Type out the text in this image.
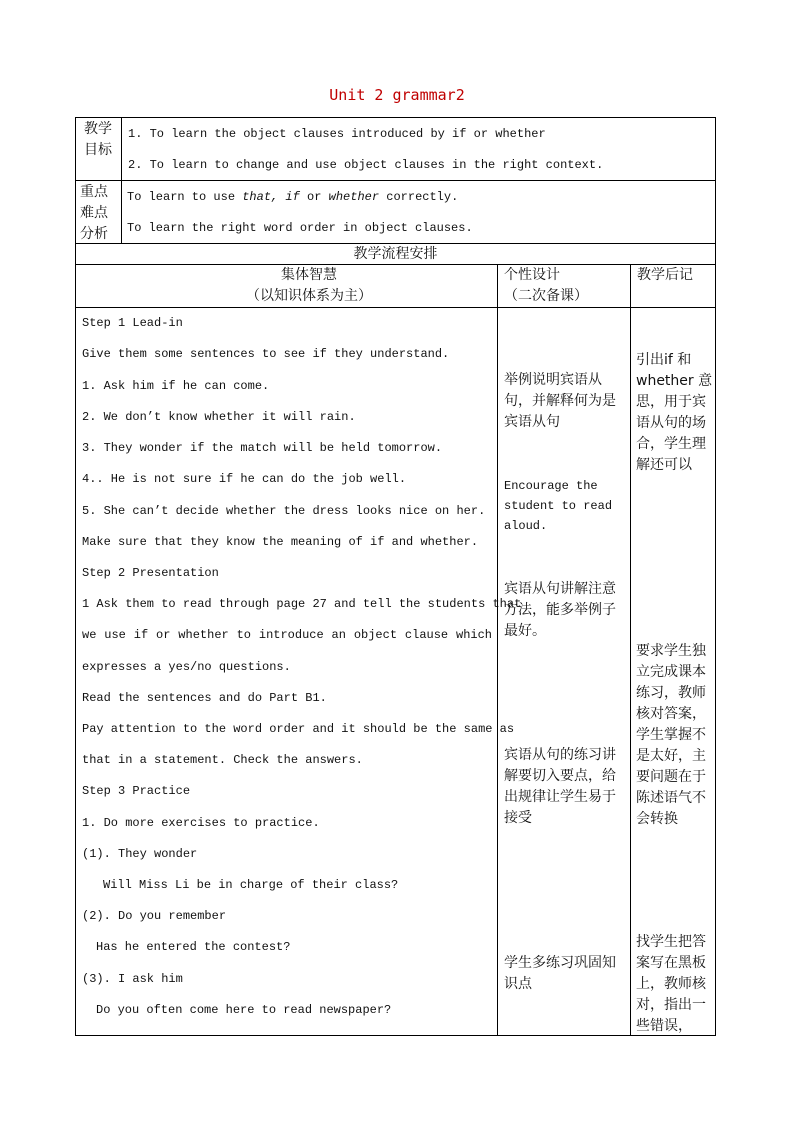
Unit 2 grammar2
教学目标
1. To learn the object clauses introduced by if or whether
2. To learn to change and use object clauses in the right context.
重点难点分析
To learn to use that, if or whether correctly.
To learn the right word order in object clauses.
教学流程安排
集体智慧
（以知识体系为主）
个性设计
（二次备课）
教学后记
Step 1 Lead-in
Give them some sentences to see if they understand.
1. Ask him if he can come.
2. We don’t know whether it will rain.
3. They wonder if the match will be held tomorrow.
4.. He is not sure if he can do the job well.
5. She can’t decide whether the dress looks nice on her.
Make sure that they know the meaning of if and whether.
Step 2 Presentation
1 Ask them to read through page 27 and tell the students that
we use if or whether to introduce an object clause which
expresses a yes/no questions.
Read the sentences and do Part B1.
Pay attention to the word order and it should be the same as
that in a statement. Check the answers.
Step 3 Practice
1. Do more exercises to practice.
(1). They wonder
Will Miss Li be in charge of their class?
(2). Do you remember
Has he entered the contest?
(3). I ask him
Do you often come here to read newspaper?
举例说明宾语从句，并解释何为是宾语从句
Encourage the
student to read
aloud.
宾语从句讲解注意方法，能多举例子最好。
宾语从句的练习讲解要切入要点，给出规律让学生易于接受
学生多练习巩固知识点
引出if 和whether 意思，用于宾语从句的场合，学生理解还可以
要求学生独立完成课本练习，教师核对答案，学生掌握不是太好，主要问题在于陈述语气不会转换
找学生把答案写在黑板上，教师核对，指出一些错误，
